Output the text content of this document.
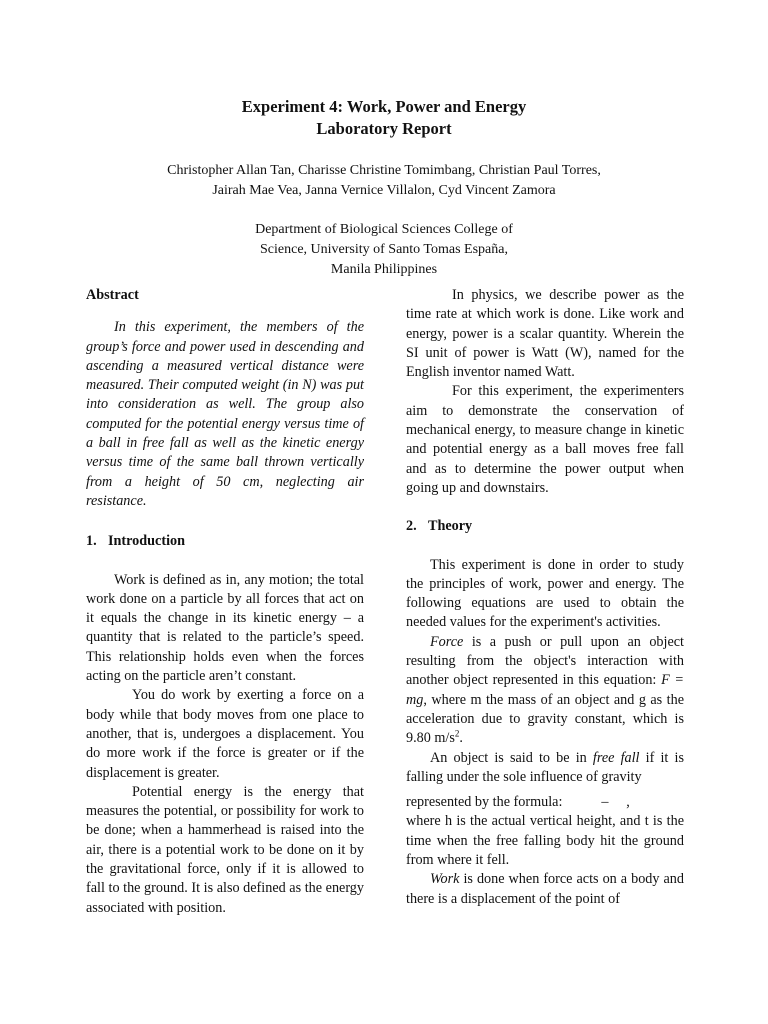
Experiment 4: Work, Power and Energy
Laboratory Report
Christopher Allan Tan, Charisse Christine Tomimbang, Christian Paul Torres,
Jairah Mae Vea, Janna Vernice Villalon, Cyd Vincent Zamora
Department of Biological Sciences College of
Science, University of Santo Tomas España,
Manila Philippines
Abstract

In this experiment, the members of the group’s force and power used in descending and ascending a measured vertical distance were measured. Their computed weight (in N) was put into consideration as well. The group also computed for the potential energy versus time of a ball in free fall as well as the kinetic energy versus time of the same ball thrown vertically from a height of 50 cm, neglecting air resistance.

1. Introduction

Work is defined as in, any motion; the total work done on a particle by all forces that act on it equals the change in its kinetic energy – a quantity that is related to the particle’s speed. This relationship holds even when the forces acting on the particle aren’t constant.

You do work by exerting a force on a body while that body moves from one place to another, that is, undergoes a displacement. You do more work if the force is greater or if the displacement is greater.

Potential energy is the energy that measures the potential, or possibility for work to be done; when a hammerhead is raised into the air, there is a potential work to be done on it by the gravitational force, only if it is allowed to fall to the ground. It is also defined as the energy associated with position.

In physics, we describe power as the time rate at which work is done. Like work and energy, power is a scalar quantity. Wherein the SI unit of power is Watt (W), named for the English inventor named Watt.

For this experiment, the experimenters aim to demonstrate the conservation of mechanical energy, to measure change in kinetic and potential energy as a ball moves free fall and as to determine the power output when going up and downstairs.

2. Theory

This experiment is done in order to study the principles of work, power and energy. The following equations are used to obtain the needed values for the experiment's activities.

Force is a push or pull upon an object resulting from the object's interaction with another object represented in this equation: F = mg, where m the mass of an object and g as the acceleration due to gravity constant, which is 9.80 $m/s^2$.

An object is said to be in free fall if it is falling under the sole influence of gravity

represented by the formula:           –     ,

where h is the actual vertical height, and t is the time when the free falling body hit the ground from where it fell.

Work is done when force acts on a body and there is a displacement of the point of
